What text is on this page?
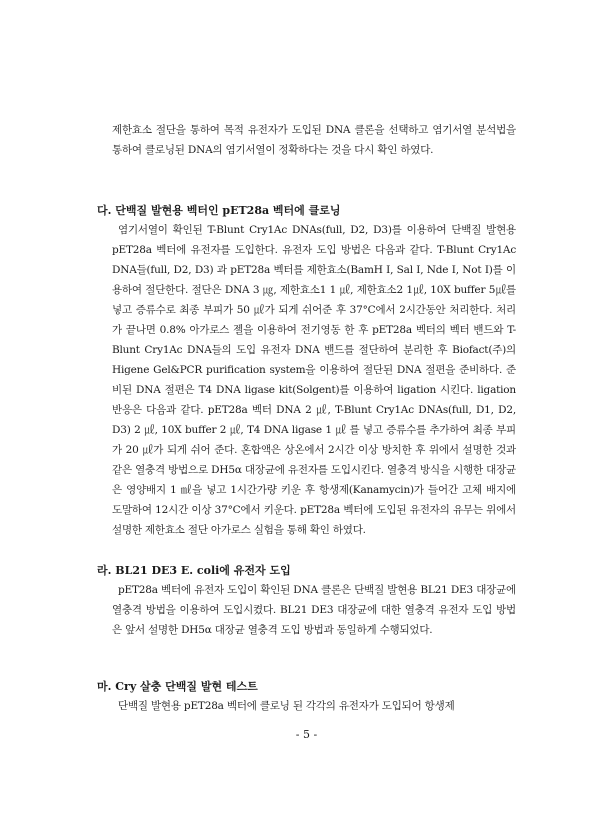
제한효소 절단을 통하여 목적 유전자가 도입된 DNA 클론을 선택하고 염기서열 분석법을 통하여 클로닝된 DNA의 염기서열이 정확하다는 것을 다시 확인 하였다.

다. 단백질 발현용 벡터인 pET28a 벡터에 클로닝

염기서열이 확인된 T-Blunt Cry1Ac DNAs(full, D2, D3)를 이용하여 단백질 발현용 pET28a 벡터에 유전자를 도입한다. 유전자 도입 방법은 다음과 같다. T-Blunt Cry1Ac DNA들(full, D2, D3) 과 pET28a 벡터를 제한효소(BamH I, Sal I, Nde I, Not I)를 이용하여 절단한다. 절단은 DNA 3 ㎍, 제한효소1 1 ㎕, 제한효소2 1㎕, 10X buffer 5㎕를 넣고 증류수로 최종 부피가 50 ㎕가 되게 쉬어준 후 37°C에서 2시간동안 처리한다. 처리가 끝나면 0.8% 아가로스 젤을 이용하여 전기영동 한 후 pET28a 벡터의 벡터 밴드와 T-Blunt Cry1Ac DNA들의 도입 유전자 DNA 밴드를 절단하여 분리한 후 Biofact(주)의 Higene Gel&PCR purification system을 이용하여 절단된 DNA 절편을 준비하다. 준비된 DNA 절편은 T4 DNA ligase kit(Solgent)를 이용하여 ligation 시킨다. ligation 반응은 다음과 같다. pET28a 벡터 DNA 2 ㎕, T-Blunt Cry1Ac DNAs(full, D1, D2, D3) 2 ㎕, 10X buffer 2 ㎕, T4 DNA ligase 1 ㎕ 를 넣고 증류수를 추가하여 최종 부피가 20 ㎕가 되게 쉬어 준다. 혼합액은 상온에서 2시간 이상 방치한 후 위에서 설명한 것과 같은 열충격 방법으로 DH5α 대장균에 유전자를 도입시킨다. 열충격 방식을 시행한 대장균은 영양배지 1 ㎖을 넣고 1시간가량 키운 후 항생제(Kanamycin)가 들어간 고체 배지에 도말하여 12시간 이상 37°C에서 키운다. pET28a 벡터에 도입된 유전자의 유무는 위에서 설명한 제한효소 절단 아가로스 실험을 통해 확인 하였다.

라. BL21 DE3 E. coli에 유전자 도입

pET28a 벡터에 유전자 도입이 확인된 DNA 클론은 단백질 발현용 BL21 DE3 대장균에 열충격 방법을 이용하여 도입시켰다. BL21 DE3 대장균에 대한 열충격 유전자 도입 방법은 앞서 설명한 DH5α 대장균 열충격 도입 방법과 동일하게 수행되었다.

마. Cry 살충 단백질 발현 테스트

단백질 발현용 pET28a 벡터에 클로닝 된 각각의 유전자가 도입되어 항생제

- 5 -
